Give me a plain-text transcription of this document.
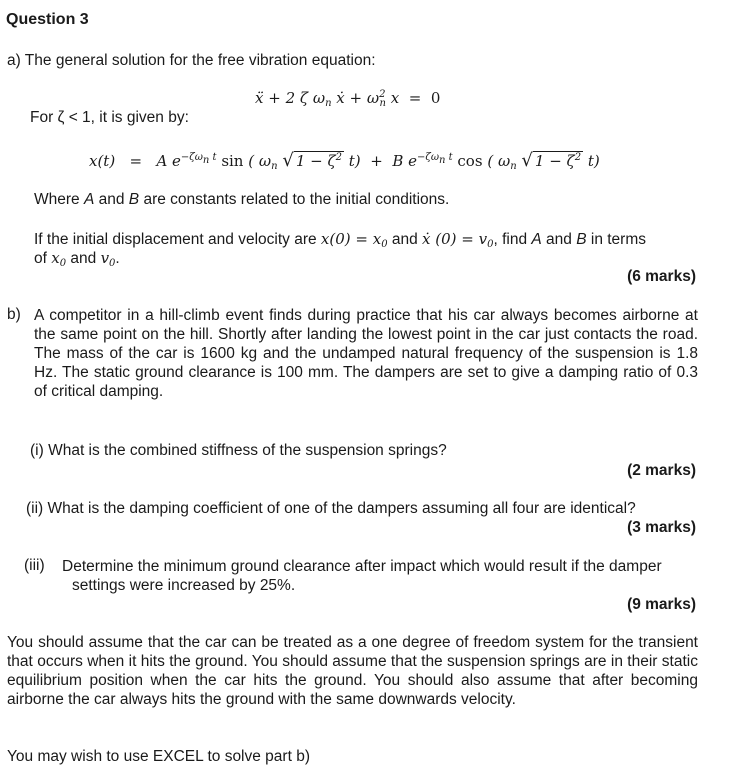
Question 3
a) The general solution for the free vibration equation:
ẍ + 2 ζ $\omega_n$ ẋ + $\omega^2_n$ x = 0
For ζ < 1, it is given by:
x(t) = A $e^{-\zeta\omega_n t}$ sin ( $\omega_n$ √ $1 - \zeta^2$ t) + B $e^{-\zeta\omega_n t}$ cos ( $\omega_n$ √ $1 - \zeta^2$ t)
Where A and B are constants related to the initial conditions.
If the initial displacement and velocity are $x(0) = x_0$ and ẋ $(0) = v_0$, find A and B in terms
of $x_0$ and $v_0$.
(6 marks)
b) A competitor in a hill-climb event finds during practice that his car always becomes airborne at the same point on the hill. Shortly after landing the lowest point in the car just contacts the road. The mass of the car is 1600 kg and the undamped natural frequency of the suspension is 1.8 Hz. The static ground clearance is 100 mm. The dampers are set to give a damping ratio of 0.3 of critical damping.
(i) What is the combined stiffness of the suspension springs?
(2 marks)
(ii) What is the damping coefficient of one of the dampers assuming all four are identical?
(3 marks)
(iii) Determine the minimum ground clearance after impact which would result if the damper settings were increased by 25%.
(9 marks)
You should assume that the car can be treated as a one degree of freedom system for the transient that occurs when it hits the ground. You should assume that the suspension springs are in their static equilibrium position when the car hits the ground. You should also assume that after becoming airborne the car always hits the ground with the same downwards velocity.
You may wish to use EXCEL to solve part b)
